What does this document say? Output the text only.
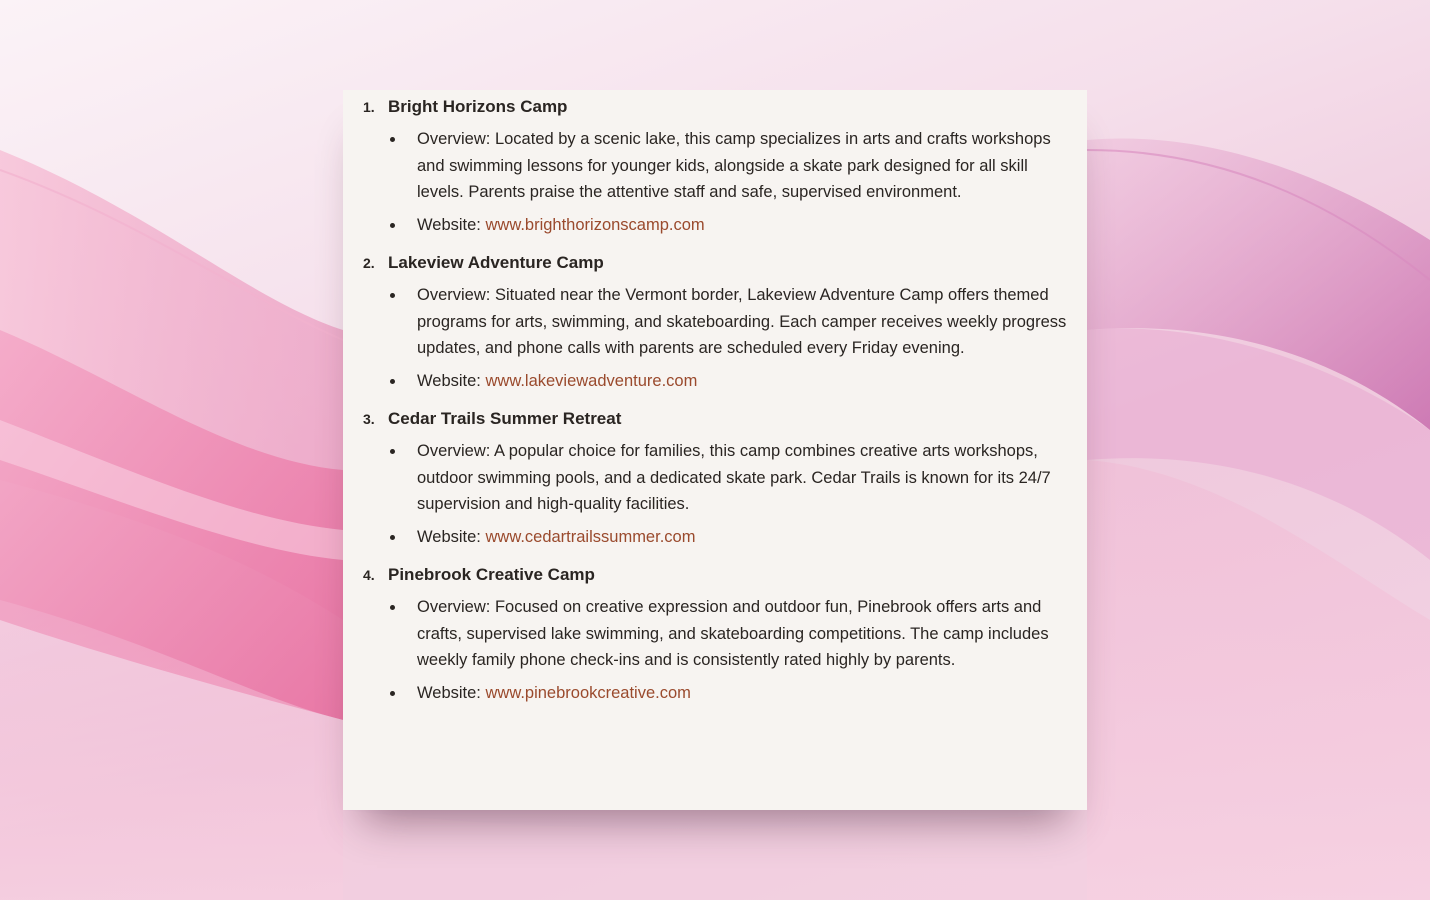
1. Bright Horizons Camp
Overview: Located by a scenic lake, this camp specializes in arts and crafts workshops and swimming lessons for younger kids, alongside a skate park designed for all skill levels. Parents praise the attentive staff and safe, supervised environment.
Website: www.brighthorizonscamp.com
2. Lakeview Adventure Camp
Overview: Situated near the Vermont border, Lakeview Adventure Camp offers themed programs for arts, swimming, and skateboarding. Each camper receives weekly progress updates, and phone calls with parents are scheduled every Friday evening.
Website: www.lakeviewadventure.com
3. Cedar Trails Summer Retreat
Overview: A popular choice for families, this camp combines creative arts workshops, outdoor swimming pools, and a dedicated skate park. Cedar Trails is known for its 24/7 supervision and high-quality facilities.
Website: www.cedartrailssummer.com
4. Pinebrook Creative Camp
Overview: Focused on creative expression and outdoor fun, Pinebrook offers arts and crafts, supervised lake swimming, and skateboarding competitions. The camp includes weekly family phone check-ins and is consistently rated highly by parents.
Website: www.pinebrookcreative.com
